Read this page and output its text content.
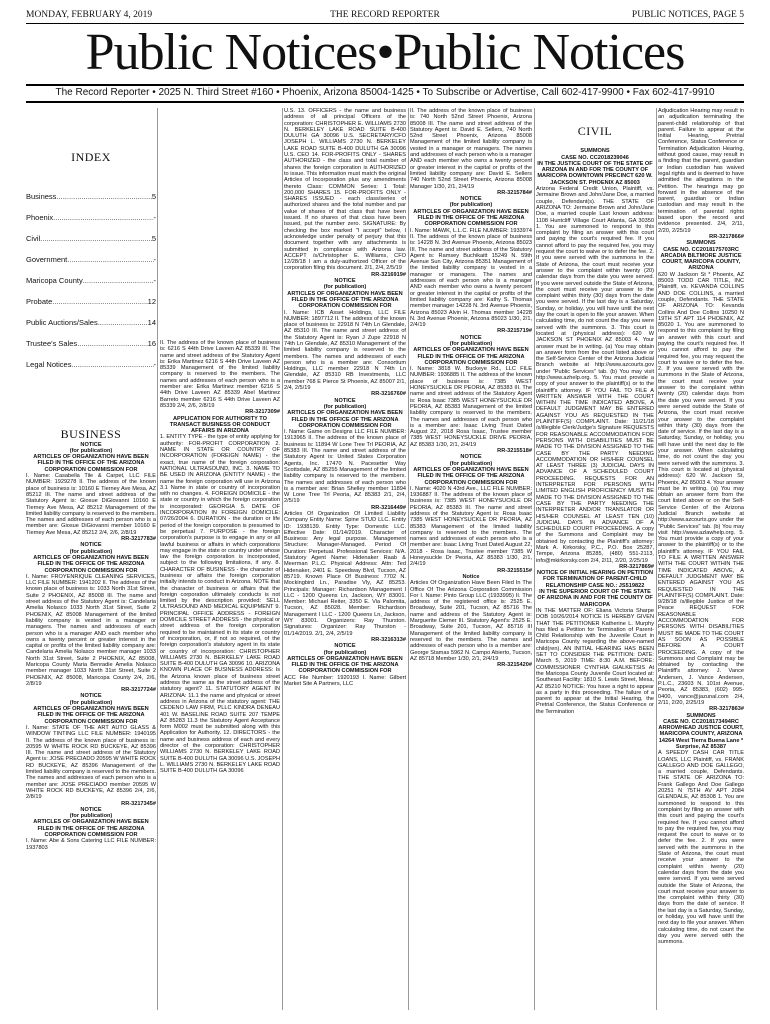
MONDAY, FEBRUARY 4, 2019	THE RECORD REPORTER	PUBLIC NOTICES, PAGE 5
Public Notices•Public Notices
The Record Reporter • 2025 N. Third Street #160 • Phoenix, Arizona 85004-1425 • To Subscribe or Advertise, Call 602-417-9900 • Fax 602-417-9910
INDEX
Business .....	5
Phoenix .....	-
Civil .....	5
Government .....	-
Maricopa County .....	-
Probate .....	12
Public Auctions/Sales .....	14
Trustee's Sales .....	16
Legal Notices .....	-
BUSINESS

NOTICE

(for publication)

ARTICLES OF ORGANIZATION HAVE BEEN FILED IN THE OFFICE OF THE ARIZONA CORPORATION COMMISSION FOR

I. Name: Casabella Tile & Carpet, LLC FILE NUMBER: 1929278 II. The address of the known place of business is: 10160 E Tierney Ave Mesa, AZ 85212 III. The name and street address of the Statutory Agent is: Giosue DiGiovanni 10160 E Tierney Ave Mesa, AZ 85212 Management of the limited liability company is reserved to the members. The names and addresses of each person who is a member are: Giosue DiGiovanni member 10160 E Tierney Ave Mesa, AZ 85212 2/4, 2/6, 2/8/19

RR-3217783#

NOTICE

(for publication)

ARTICLES OF ORGANIZATION HAVE BEEN FILED IN THE OFFICE OF THE ARIZONA CORPORATION COMMISSION FOR

I. Name: FROYENRIQUE CLEANING SERVICES, LLC FILE NUMBER: 1941202 II. The address of the known place of business is: 1033 North 31st Street, Suite 2 PHOENIX, AZ 85008 III. The name and street address of the Statutory Agent is: Candelaria Amelia Nolasco 1033 North 31st Street, Suite 2 PHOENIX, AZ 85008 Management of the limited liability company is vested in a manager or managers. The names and addresses of each person who is a manager AND each member who owns a twenty percent or greater interest in the capital or profits of the limited liability company are: Candelaria Amelia Nolasco member manager 1033 North 31st Street, Suite 2 PHOENIX, AZ 85008, Maricopa County Maria Benradie Amelia Nolasco member manager 1033 North 31st Street, Suite 2 PHOENIX, AZ 85008, Maricopa County 2/4, 2/6, 2/8/19

RR-3217724#

NOTICE

(for publication)

ARTICLES OF ORGANIZATION HAVE BEEN FILED IN THE OFFICE OF THE ARIZONA CORPORATION COMMISSION FOR

I. Name: STATE OF THE ART AUTO GLASS & WINDOW TINTING LLC FILE NUMBER: 1940195 II. The address of the known place of business is: 20595 W WHITE ROCK RD BUCKEYE, AZ 85396 III. The name and street address of the Statutory Agent is: JOSE PRECIADO 20595 W WHITE ROCK RD BUCKEYE, AZ 85396 Management of the limited liability company is reserved to the members. The names and addresses of each person who is a member are: JOSE PRECIADO member 20595 W WHITE ROCK RD BUCKEYE, AZ 85396 2/4, 2/6, 2/8/19

RR-3217345#

NOTICE

(for publication)

ARTICLES OF ORGANIZATION HAVE BEEN FILED IN THE OFFICE OF THE ARIZONA CORPORATION COMMISSION FOR

I. Name: Abe & Sons Catering LLC FILE NUMBER: 1937803

II. The address of the known place of business is: 6216 S 44th Drive Laveen AZ 85339 III. The name and street address of the Statutory Agent is: Erika Martinez 6216 S 44th Drive Laveen AZ 85339 Management of the limited liability company is reserved to the members. The names and addresses of each person who is a member are: Erika Martinez member 6216 S 44th Drive Laveen AZ 85339 Abel Martinez Barreto member 6216 S 44th Drive Laveen AZ 85339 2/4, 2/6, 2/8/19

RR-3217309#

APPLICATION FOR AUTHORITY TO TRANSACT BUSINESS OR CONDUCT AFFAIRS IN ARIZONA

1. ENTITY TYPE - the type of entity applying for authority: FOR-PROFIT CORPORATION 2. NAME IN STATE OR COUNTRY OF INCORPORATION (FOREIGN NAME) - the exact, true name of the foreign corporation: NATIONAL ULTRASOUND, INC. 3. NAME TO BE USED IN ARIZONA (ENTITY NAME) - the name the foreign corporation will use in Arizona 3.1 Name in state or country of incorporation with no changes. 4. FOREIGN DOMICILE - the state or country in which the foreign corporation is incorporated: GEORGIA 5. DATE OF INCORPORATION IN FOREIGN DOMICILE: 07/26/2004 6. DURATION - the duration or life period of the foreign corporation is presumed to be perpetual 7. PURPOSE - the foreign corporation's purpose is to engage in any or all lawful business or affairs in which corporations may engage in the state or country under whose law the foreign corporation is incorporated, subject to the following limitations, if any. 8. CHARACTER OF BUSINESS - the character of business or affairs the foreign corporation initially intends to conduct in Arizona. NOTE that the character of business or affairs that the foreign corporation ultimately conducts is not limited by the description provided: SELL ULTRASOUND AND MEDICAL EQUIPMENT 9. PRINCIPAL OFFICE ADDRESS - FOREIGN DOMICILE STREET ADDRESS - the physical or street address of the foreign corporation required to be maintained in its state or country of incorporation, or, if not so required, of the foreign corporation's statutory agent in its state or country of incorporation: CHRISTOPHER WILLIAMS 2730 N. BERKELEY LAKE ROAD SUITE B-400 DULUTH GA 30096 10. ARIZONA KNOWN PLACE OF BUSINESS ADDRESS: Is the Arizona known place of business street address the same as the street address of the statutory agent? 11. STATUTORY AGENT IN ARIZONA: 11.1 the name and physical or street address in Arizona of the statutory agent: THE CEDENO LAW FIRM, PLLC KINDRA DENEAU 401 W. BASELINE ROAD SUITE 207 TEMPE AZ 85283 11.3 the Statutory Agent Acceptance form M002 must be submitted along with this Application for Authority. 12. DIRECTORS - the name and business address of each and every director of the corporation: CHRISTOPHER WILLIAMS 2730 N. BERKELEY LAKE ROAD SUITE B-400 DULUTH GA 30096 U.S. JOSEPH L. WILLIAMS 2730 N. BERKELEY LAKE ROAD SUITE B-400 DULUTH GA 30096

U.S. 13. OFFICERS - the name and business address of all principal Officers of the corporation: CHRISTOPHER E. WILLIAMS 2730 N. BERKELEY LAKE ROAD SUITE B-400 DULUTH GA 30096 U.S. SECRETARY/CFO JOSEPH L. WILLIAMS 2730 N. BERKELEY LAKE ROAD SUITE B-400 DULUTH GA 30096 U.S. CEO 14. FOR-PROFITS ONLY - SHARES AUTHORIZED - the class and total number of shares the foreign corporation is AUTHORIZED to issue. This information must match the original Articles of Incorporation plus any amendments thereto Class: COMMON Series: 1 Total: 200,000 SHARES 15. FOR-PROFITS ONLY - SHARES ISSUED - each class/series of authorized shares and the total number and par value of shares of that class that have been issued. If no shares of that class have been issued, put the number zero. SIGNATURE: By checking the box marked "I accept" below, I acknowledge under penalty of perjury that this document together with any attachments is submitted in compliance with Arizona law. ACCEPT /s/Christopher E. Williams, CFO 12/28/18 I am a duly-authorized Officer of the corporation filing this document. 2/1, 2/4, 2/5/19

RR-3216919#

NOTICE

(for publication)

ARTICLES OF ORGANIZATION HAVE BEEN FILED IN THE OFFICE OF THE ARIZONA CORPORATION COMMISSION FOR

I. Name: ICB Asset Holdings, LLC FILE NUMBER: 1897712 II. The address of the known place of business is: 22918 N 74th Ln Glendale, AZ 85310 III. The name and street address of the Statutory Agent is: Ryan J Zupe 22918 N 74th Ln Glendale, AZ 85310 Management of the limited liability company is reserved to the members. The names and addresses of each person who is a member are: Consortium Holdings, LLC member 22918 N 74th Ln Glendale, AZ 85310 RB Investments, LLC member 768 E Pierce St Phoenix, AZ 85007 2/1, 2/4, 2/5/19

RR-3216760#

NOTICE

(for publication)

ARTICLES OF ORGANIZATION HAVE BEEN FILED IN THE OFFICE OF THE ARIZONA CORPORATION COMMISSION FOR

I. Name: Game on Designs LLC FILE NUMBER: 1913965 II. The address of the known place of business is: 11894 W Lone Tree Trl PEORIA, AZ 85383 III. The name and street address of the Statutory Agent is: United States Corporation Agents, Inc. 17470 N. Pacesetter Way Scottsdale, AZ 85255 Management of the limited liability company is reserved to the members. The names and addresses of each person who is a member are: Brian Shelley member 11894 W Lone Tree Trl Peoria, AZ 85383 2/1, 2/4, 2/5/19

RR-3216449#

Articles Of Organization Of Limited Liability Company Entity Name: Spine STUD LLC. Entity ID: 1938139. Entity Type: Domestic LLC. Effective Date: 01/14/2019. Character of Business: Any legal purpose. Management Structure: Manager-Managed. Period Of Duration: Perpetual. Professional Services: N/A. Statutory Agent Name: Hidenaker Raab & Meerman P.L.C. Physical Address: Attn: Ted Hidenaker, 2401 E. Speedway Blvd, Tucson, AZ 85719. Known Place Of Business: 7702 N. Mockingbird Ln., Paradise Vly, AZ 85253. Principals: Manager: Richardson Management I LLC - 1200 Queens Ln, Jackson, WY 83001. Member: Michael Reiter, 3350 E. Via Palomita, Tucson, AZ 85028. Member: Richardson Management I LLC - 1200 Queens Ln, Jackson, WY 83001. Organizers: Ray Thurston. Signatures: Organizer: Ray Thurston - 01/14/2019. 2/1, 2/4, 2/5/19

RR-3216313#

NOTICE

(for publication)

ARTICLES OF ORGANIZATION HAVE BEEN FILED IN THE OFFICE OF THE ARIZONA CORPORATION COMMISSION FOR

ACC File Number: 1920193 I. Name: Gilbert Market Site A Partners, LLC

II. The address of the known place of business is: 740 North 52nd Street Phoenix, Arizona 85008 III. The name and street address of the Statutory Agent is: David E. Sellers, 740 North 52nd Street Phoenix, Arizona 85008 Management of the limited liability company is vested in a manager or managers. The names and addresses of each person who is a manager AND each member who owns a twenty percent or greater interest in the capital or profits of the limited liability company are: David E. Sellers 740 North 52nd Street Phoenix, Arizona 85008 Manager 1/30, 2/1, 2/4/19

RR-3215784#

NOTICE

(for publication)

ARTICLES OF ORGANIZATION HAVE BEEN FILED IN THE OFFICE OF THE ARIZONA CORPORATION COMMISSION FOR

I. Name: MAWK, L.L.C. FILE NUMBER: 1933974 II. The address of the known place of business is: 14228 N. 3rd Avenue Phoenix, Arizona 85023 III. The name and street address of the Statutory Agent is: Ramsey Buchikaitt 15249 N. 59th Avenue Sun City, Arizona 85351 Management of the limited liability company is vested in a manager or managers. The names and addresses of each person who is a manager AND each member who owns a twenty percent or greater interest in the capital or profits of the limited liability company are: Kathy S. Thomas member manager 14228 N. 3rd Avenue Phoenix, Arizona 85023 Alvin H. Thomas member 14228 N. 3rd Avenue Phoenix, Arizona 85023 1/30, 2/1, 2/4/19

RR-3215719#

NOTICE

(for publication)

ARTICLES OF ORGANIZATION HAVE BEEN FILED IN THE OFFICE OF THE ARIZONA CORPORATION COMMISSION FOR

I. Name: 3818 W. Buckeye Rd., LLC FILE NUMBER: 1936885 II. The address of the known place of business is: 7385 WEST HONEYSUCKLE DR PEORIA, AZ 85383 III. The name and street address of the Statutory Agent is: Rosa Isaac 7385 WEST HONEYSUCKLE DR PEORIA, AZ 85383 Management of the limited liability company is reserved to the members. The names and addresses of each person who is a member are: Isaac Living Trust Dated August 22, 2018 Rosa Isaac, Trustee member 7385 WEST HONEYSUCKLE DRIVE PEORIA, AZ 85383 1/30, 2/1, 2/4/19

RR-3215518#

NOTICE

(for publication)

ARTICLES OF ORGANIZATION HAVE BEEN FILED IN THE OFFICE OF THE ARIZONA CORPORATION COMMISSION FOR

I. Name: 4020 N 43rd Ave., LLC FILE NUMBER: 1936887 II. The address of the known place of business is: 7385 WEST HONEYSUCKLE DR PEORIA, AZ 85383 III. The name and street address of the Statutory Agent is: Rosa Isaac 7385 WEST HONEYSUCKLE DR PEORIA, AZ 85383 Management of the limited liability company is reserved to the members. The names and addresses of each person who is a member are: Isaac Living Trust Dated August 22, 2018 - Rosa Isaac, Trustee member 7385 W Honeysuckle Dr Peoria, AZ 85383 1/30, 2/1, 2/4/19

RR-3215515#

Notice

Articles Of Organization Have Been Filed In The Office Of The Arizona Corporation Commission For I. Name: Pinto Group LLC (1933995) II. The address of the registered office is: 2525 E. Broadway, Suite 201, Tucson, AZ 85716 The name and address of the Statutory Agent is: Marguerite Ciemer III. Statutory Agent's: 2525 E. Broadway, Suite 201, Tucson, AZ 85716 III Management of the limited liability company is reserved to the members. The names and addresses of each person who is a member are: George Stamas 5962 N. Campo Abierto, Tucson, AZ 85718 Member 1/30, 2/1, 2/4/19

RR-3215420#

CIVIL

SUMMONS

CASE NO. CC2018239046

IN THE JUSTICE COURT OF THE STATE OF ARIZONA IN AND FOR THE COUNTY OF MARICOPA DOWNTOWN PRECINCT 620 W. JACKSON ST. PHOENIX AZ 85003

Arizona Federal Credit Union, Plaintiff, vs. Jermaine Brown and John/Jane Doe, a married couple, Defendant(s). THE STATE OF ARIZONA TO: Jermaine Brown and John/Jane Doe, a married couple Last known address: 1108 Huntcliff Village Court Atlanta, GA 30350 1. You are summoned to respond to this complaint by filing an answer with this court and paying the court's required fee. If you cannot afford to pay the required fee, you may request the court to waive or to defer the fee. 2. If you were served with the summons in the State of Arizona, the court must receive your answer to the complaint within twenty (20) calendar days from the date you were served. If you were served outside the State of Arizona, the court must receive your answer to the complaint within thirty (30) days from the date you were served. If the last day is a Saturday, Sunday, or holiday, you will have until the next day the court is open to file your answer. When calculating time, do not count the day you were served with the summons. 3. This court is located at (physical address): 620 W JACKSON ST PHOENIX AZ 85003 4. Your answer must be in writing. (a) You may obtain an answer form from the court listed above or the Self-Service Center of the Arizona Judicial Branch website at http://www.azcourts.gov under "Public Services" tab. (b) You may visit http://www.azhelp.org. 5. You must provide a copy of your answer to the plaintiff(s) or to the plaintiff's attorney. IF YOU FAIL TO FILE A WRITTEN ANSWER WITH THE COURT WITHIN THE TIME INDICATED ABOVE, A DEFAULT JUDGMENT MAY BE ENTERED AGAINST YOU AS REQUESTED IN THE PLAINTIFF(S) COMPLAINT. Date: 11/21/18 /s/illegible Clerk/Judge's Signature REQUESTS FOR REASONABLE ACCOMMODATION FOR PERSONS WITH DISABILITIES MUST BE MADE TO THE DIVISION ASSIGNED TO THE CASE BY THE PARTY NEEDING ACCOMMODATION OR HIS/HER COUNSEL AT LEAST THREE (3) JUDICIAL DAYS IN ADVANCE OF A SCHEDULED COURT PROCEEDING. REQUESTS FOR AN INTERPRETER FOR PERSONS WITH LIMITED ENGLISH PROFICIENCY MUST BE MADE TO THE DIVISION ASSIGNED TO THE CASE BY THE PARTY NEEDING THE INTERPRETER AND/OR TRANSLATOR OR HIS/HER COUNSEL AT LEAST TEN (10) JUDICIAL DAYS IN ADVANCE OF A SCHEDULED COURT PROCEEDING. A copy of the Summons and Complaint may be obtained by contacting the Plaintiff's attorney: Mark A. Kirkorsky, P.C., P.O. Box 25287, Tempe, Arizona 85285, (480) 551-2113, info@mkirkorsky.com 2/4, 2/11, 2/20, 2/25/19

RR-3217869#

NOTICE OF INITIAL HEARING ON PETITION FOR TERMINATION OF PARENT-CHILD RELATIONSHIP CASE NO.: JS519822

IN THE SUPERIOR COURT OF THE STATE OF ARIZONA IN AND FOR THE COUNTY OF MARICOPA

IN THE MATTER OF: Eliana Victoria Sharpe DOB 10/26/2014 NOTICE IS HEREBY GIVEN THAT THE PETITIONER Katherine L. Murphy has filed a Petition for Termination of Parent-Child Relationship with the Juvenile Court in Maricopa County regarding the above-named child(ren). AN INITIAL HEARING HAS BEEN SET TO CONSIDER THE PETITION: DATE: March 5, 2019 TIME: 8:30 A.M. BEFORE: COMMISSIONER CYNTHIA GIALKETSIS At the Maricopa County Juvenile Court located at: Southeast Facility: 1810 S. Lewis Street, Mesa, AZ 85210 NOTICE: You have a right to appear as a party in this proceeding. The failure of a parent to appear at the Initial Hearing, the Pretrial Conference, the Status Conference or the Termination

Adjudication Hearing may result in an adjudication terminating the parent-child relationship of that parent. Failure to appear at the Initial Hearing, Pretrial Conference, Status Conference or Termination Adjudication Hearing, without good cause, may result in a finding that the parent, guardian or Indian custodian has waived legal rights and is deemed to have admitted the allegations in the Petition. The hearings may go forward in the absence of the parent, guardian or Indian custodian and may result in the termination of parental rights based upon the record and evidence presented. 2/4, 2/11, 2/20, 2/25/19

RR-3217866#

SUMMONS

CASE NO. CC2018175703RC

ARCADIA BILTMORE JUSTICE COURT, MARICOPA COUNTY, ARIZONA

620 W Jackson St * Phoenix, AZ 85003 TODD CAR TITLE, INC Plaintiff, vs. KEVANDA COLLINS AND DOE COLLINS, a married couple, Defendants. THE STATE OF ARIZONA TO: Kevanda Collins And Doe Collins 10250 N 19TH ST APT 114 PHOENIX, AZ 85020 1. You are summoned to respond to this complaint by filing an answer with this court and paying the court's required fee. If you cannot afford to pay the required fee, you may request the court to waive or to defer the fee. 2. If you were served with the summons in the State of Arizona, the court must receive your answer to the complaint within twenty (20) calendar days from the date you were served. If you were served outside the State of Arizona, the court must receive your answer to the complaint within thirty (30) days from the date of service. If the last day is a Saturday, Sunday, or holiday, you will have until the next day to file your answer. When calculating time, do not count the day you were served with the summons. 3. This court is located at (physical address): 620 W. Jackson St, Phoenix, AZ 85003 4. Your answer must be in writing. (a) You may obtain an answer form from the court listed above or on the Self-Service Center of the Arizona Judicial Branch website at http://www.azcourts.gov under the "Public Services" tab. (b) You may visit http://www.azlawhelp.org. 5. You must provide a copy of your answer to the plaintiff(s) or to the plaintiff's attorney. IF YOU FAIL TO FILE A WRITTEN ANSWER WITH THE COURT WITHIN THE TIME INDICATED ABOVE, A DEFAULT JUDGMENT MAY BE ENTERED AGAINST YOU AS REQUESTED IN THE PLAINTIFF(S) COMPLAINT. Date: 9/28/18 /s/illegible Justice of the Peace REQUEST FOR REASONABLE ACCOMMODATION FOR PERSONS WITH DISABILITIES MUST BE MADE TO THE COURT AS SOON AS POSSIBLE BEFORE A COURT PROCEEDING. A copy of the Summons and Complaint may be obtained by contacting the Plaintiff's attorney: J. Vance Andersen, J. Vance Andersen, P.L.C., 23603 N. 101st Avenue, Peoria, AZ 85383, (602) 995-0400, vance@jazunal.com 2/4, 2/11, 2/20, 2/25/19

RR-3217863#

SUMMONS

CASE NO. CC2018173494RC

ARROWHEAD JUSTICE COURT, MARICOPA COUNTY, ARIZONA 14264 West Tierra Buena Lane * Surprise, AZ 85387

A SPEEDY CASH CAR TITLE LOANS, LLC Plaintiff, vs. FRANK GALLEGO AND DOE GALLEGO, a married couple, Defendants. THE STATE OF ARIZONA TO: Frank Gallego And Doe Gallego 20251 N 75TH AV APT 2084 GLENDALE, AZ 85308 1. You are summoned to respond to this complaint by filing an answer with this court and paying the court's required fee. If you cannot afford to pay the required fee, you may request the court to waive or to defer the fee. 2. If you were served with the summons in the State of Arizona, the court must receive your answer to the complaint within twenty (20) calendar days from the date you were served. If you were served outside the State of Arizona, the court must receive your answer to the complaint within thirty (30) days from the date of service. If the last day is a Saturday, Sunday, or holiday, you will have until the next day to file your answer. When calculating time, do not count the day you were served with the summons.
